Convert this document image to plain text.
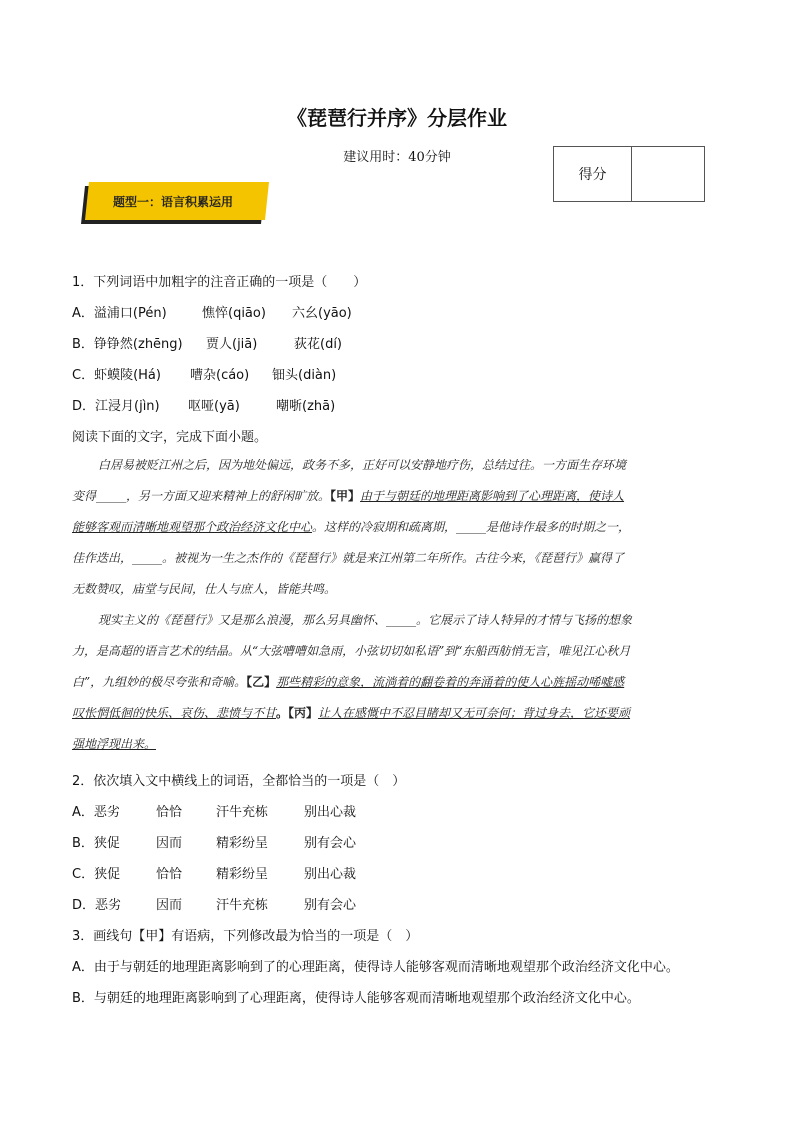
《琵琶行并序》分层作业
建议用时：40分钟
得分
题型一：语言积累运用
1．下列词语中加粗字的注音正确的一项是（　　）
A．溢浦口(Pén)	憔悴(qiāo) 六幺(yāo)
B．铮铮然(zhēng) 贾人(jiā)	荻花(dí)
C．虾蟆陵(Há) 嘈杂(cáo) 钿头(diàn)
D．江浸月(jìn) 呕哑(yā)	嘲哳(zhā)
阅读下面的文字，完成下面小题。
白居易被贬江州之后，因为地处偏远，政务不多，正好可以安静地疗伤，总结过往。一方面生存环境
变得_____，另一方面又迎来精神上的舒闲旷放。【甲】由于与朝廷的地理距离影响到了心理距离，使诗人
能够客观而清晰地观望那个政治经济文化中心。这样的冷寂期和疏离期，_____是他诗作最多的时期之一，
佳作迭出，_____。被视为一生之杰作的《琵琶行》就是来江州第二年所作。古往今来，《琵琶行》赢得了
无数赞叹，庙堂与民间，仕人与庶人，皆能共鸣。
现实主义的《琵琶行》又是那么浪漫，那么另具幽怀、_____。它展示了诗人特异的才情与飞扬的想象
力，是高超的语言艺术的结晶。从“大弦嘈嘈如急雨，小弦切切如私语”到“东船西舫悄无言，唯见江心秋月
白”，九组妙的极尽夸张和奇喻。【乙】那些精彩的意象，流淌着的翻卷着的奔涌着的使人心旌摇动唏嘘感
叹怅惘低徊的快乐、哀伤、悲愤与不甘。【丙】让人在感慨中不忍目睹却又无可奈何；背过身去，它还要顽
强地浮现出来。
2．依次填入文中横线上的词语，全都恰当的一项是（　）
A．恶劣	恰恰	汗牛充栋	别出心裁
B．狭促	因而	精彩纷呈	别有会心
C．狭促	恰恰	精彩纷呈	别出心裁
D．恶劣	因而	汗牛充栋	别有会心
3．画线句【甲】有语病，下列修改最为恰当的一项是（　）
A．由于与朝廷的地理距离影响到了的心理距离，使得诗人能够客观而清晰地观望那个政治经济文化中心。
B．与朝廷的地理距离影响到了心理距离，使得诗人能够客观而清晰地观望那个政治经济文化中心。
